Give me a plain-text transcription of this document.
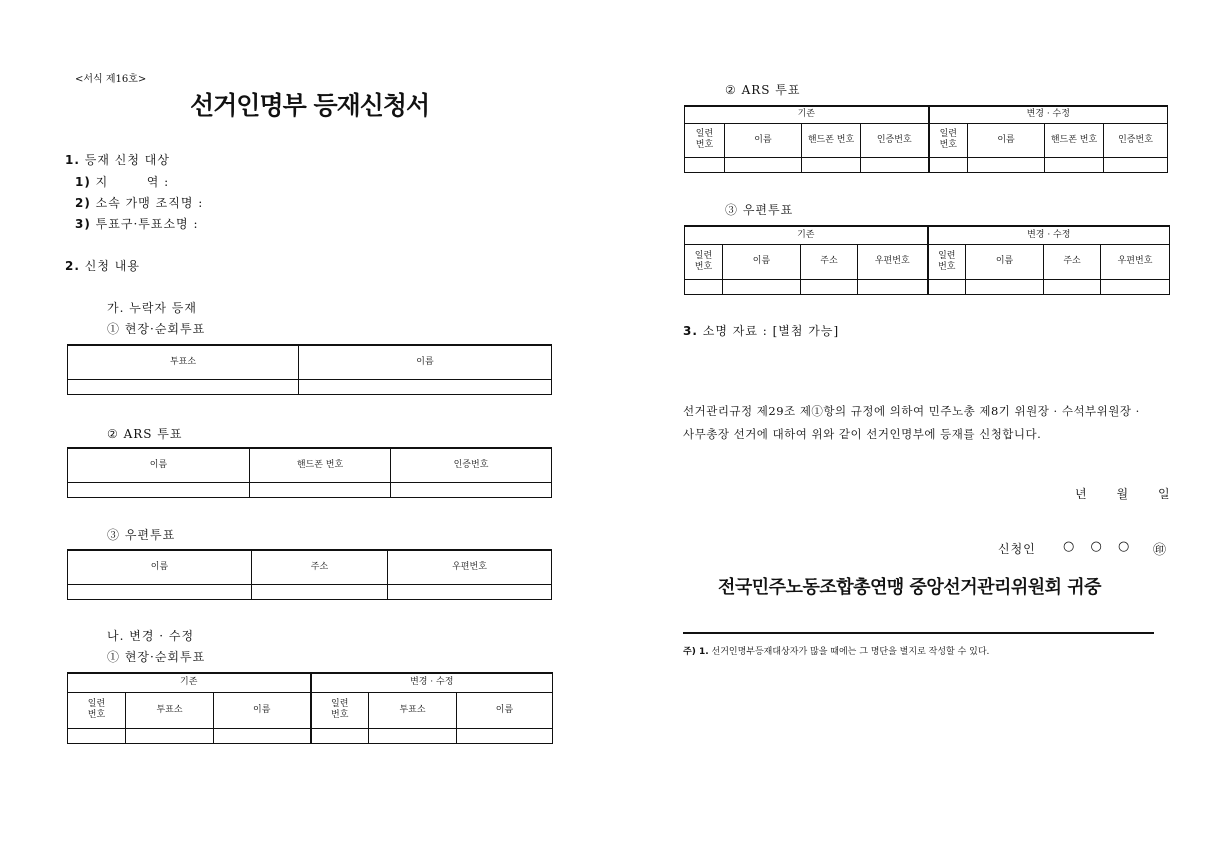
<서식 제16호>
선거인명부 등재신청서
1. 등재 신청 대상
1) 지        역 :
2) 소속 가맹 조직명 :
3) 투표구·투표소명 :
2. 신청 내용
가. 누락자 등재
① 현장·순회투표
투표소	이름

② ARS 투표
이름	핸드폰 번호	인증번호

③ 우편투표
이름	주소	우편번호

나. 변경 · 수정
① 현장·순회투표
기존			변경 · 수정		
일련
번호	투표소	이름	일련
번호	투표소	이름

② ARS 투표
기존				변경 · 수정			
일련
번호	이름	핸드폰 번호	인증번호	일련
번호	이름	핸드폰 번호	인증번호

③ 우편투표
기존				변경 · 수정			
일련
번호	이름	주소	우편번호	일련
번호	이름	주소	우편번호

3. 소명 자료 : [별첨 가능]
선거관리규정 제29조 제①항의 규정에 의하여 민주노총 제8기 위원장 · 수석부위원장 ·
사무총장 선거에 대하여 위와 같이 선거인명부에 등재를 신청합니다.
년      월      일
신청인 ○ ○ ○ ㊞
전국민주노동조합총연맹 중앙선거관리위원회 귀중
주) 1. 선거인명부등재대상자가 많을 때에는 그 명단을 별지로 작성할 수 있다.
